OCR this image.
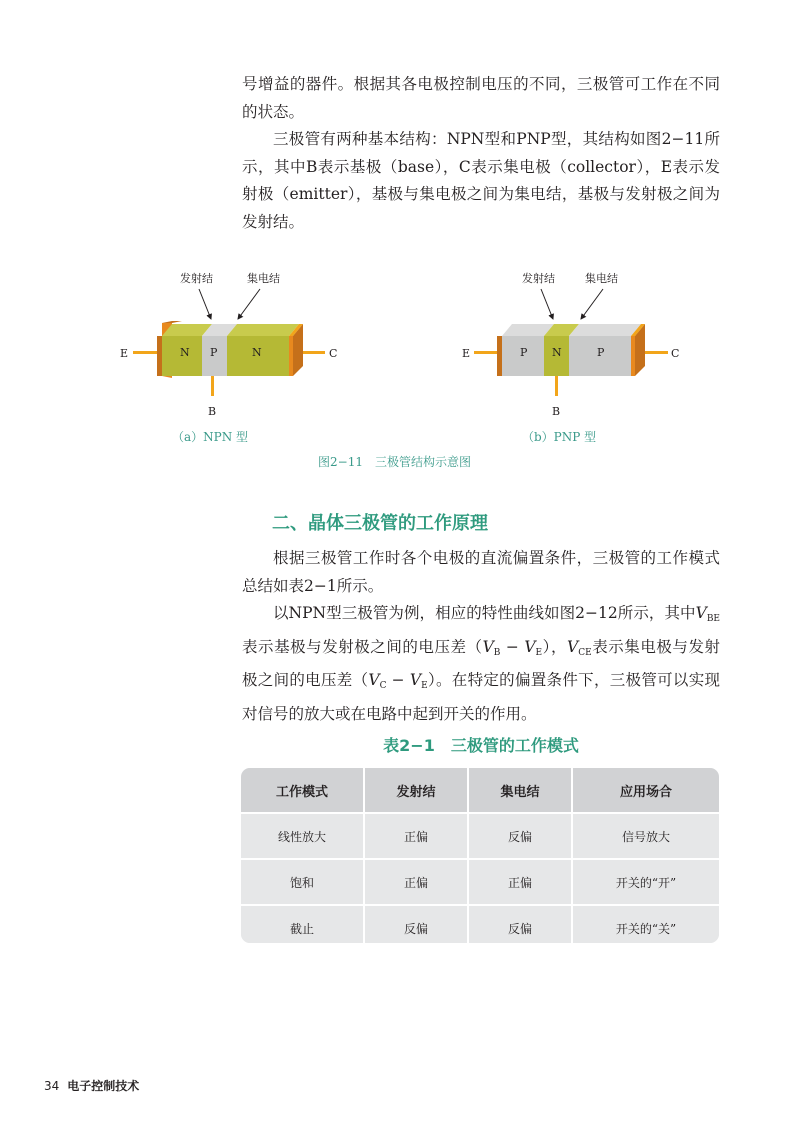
号增益的器件。根据其各电极控制电压的不同，三极管可工作在不同的状态。

三极管有两种基本结构：NPN型和PNP型，其结构如图2−11所示，其中B表示基极（base），C表示集电极（collector），E表示发射极（emitter），基极与集电极之间为集电结，基极与发射极之间为发射结。

N P	N
E	C
B
发射结	集电结
P N	P
E	C
B
发射结	集电结
（a）NPN 型	（b）PNP 型
图2−11　三极管结构示意图
二、晶体三极管的工作原理

根据三极管工作时各个电极的直流偏置条件，三极管的工作模式总结如表2−1所示。

以NPN型三极管为例，相应的特性曲线如图2−12所示，其中$V_{BE}$表示基极与发射极之间的电压差$(V_B - V_E)$，$V_{CE}$表示集电极与发射极之间的电压差$(V_C - V_E)$。在特定的偏置条件下，三极管可以实现对信号的放大或在电路中起到开关的作用。

表2−1　三极管的工作模式
工作模式	发射结	集电结	应用场合
线性放大	正偏	反偏	信号放大
饱和	正偏	正偏	开关的“开”
截止	反偏	反偏	开关的“关”
34 电子控制技术
